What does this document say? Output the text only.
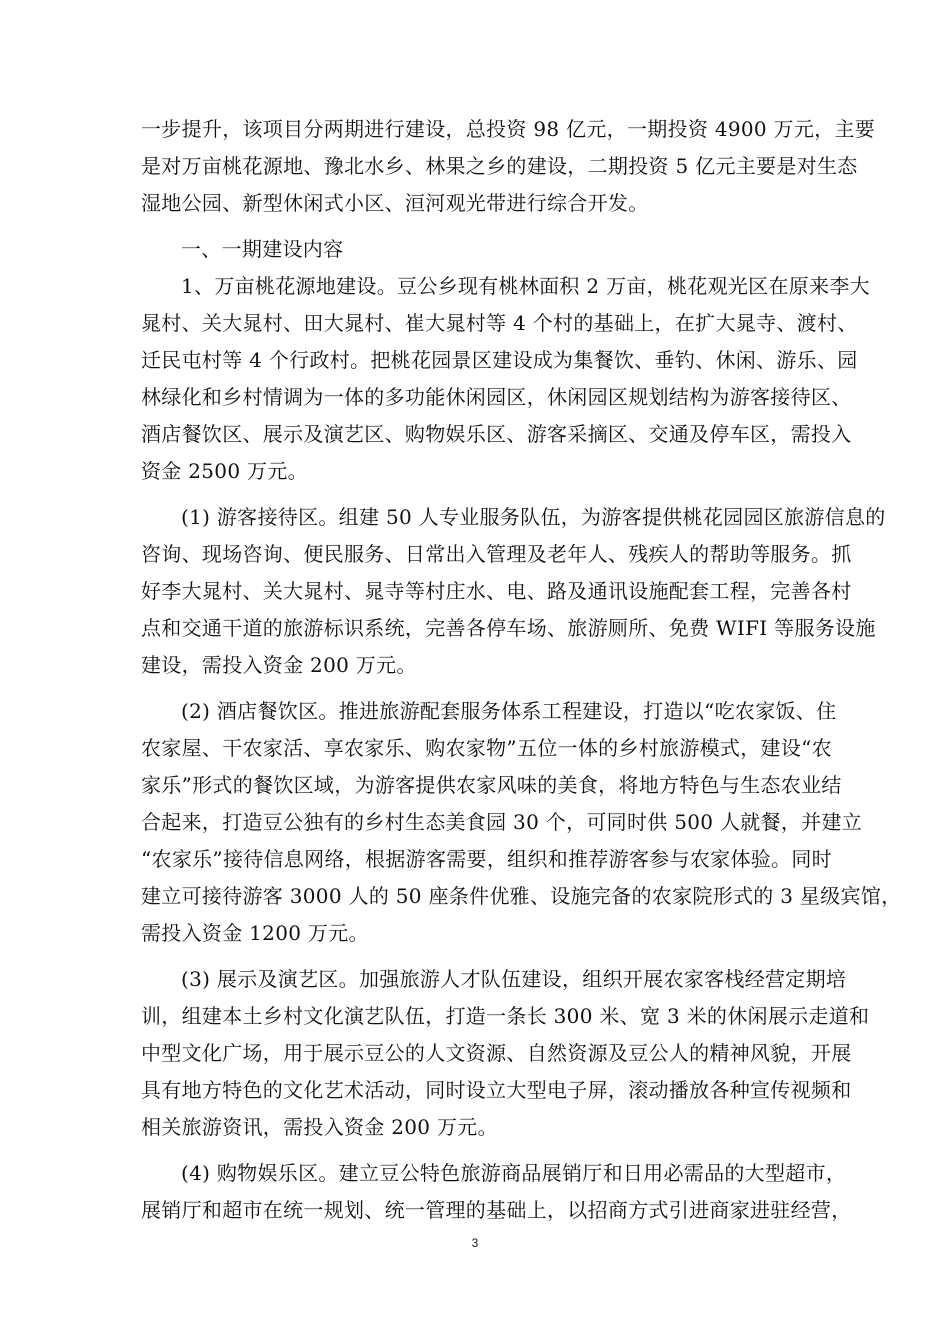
一步提升，该项目分两期进行建设，总投资 98 亿元，一期投资 4900 万元，主要
是对万亩桃花源地、豫北水乡、林果之乡的建设，二期投资 5 亿元主要是对生态
湿地公园、新型休闲式小区、洹河观光带进行综合开发。
一、一期建设内容
1、万亩桃花源地建设。豆公乡现有桃林面积 2 万亩，桃花观光区在原来李大
晁村、关大晁村、田大晁村、崔大晁村等 4 个村的基础上，在扩大晁寺、渡村、
迁民屯村等 4 个行政村。把桃花园景区建设成为集餐饮、垂钓、休闲、游乐、园
林绿化和乡村情调为一体的多功能休闲园区，休闲园区规划结构为游客接待区、
酒店餐饮区、展示及演艺区、购物娱乐区、游客采摘区、交通及停车区，需投入
资金 2500 万元。
(1) 游客接待区。组建 50 人专业服务队伍，为游客提供桃花园园区旅游信息的
咨询、现场咨询、便民服务、日常出入管理及老年人、残疾人的帮助等服务。抓
好李大晁村、关大晁村、晁寺等村庄水、电、路及通讯设施配套工程，完善各村
点和交通干道的旅游标识系统，完善各停车场、旅游厕所、免费 WIFI 等服务设施
建设，需投入资金 200 万元。
(2) 酒店餐饮区。推进旅游配套服务体系工程建设，打造以“吃农家饭、住
农家屋、干农家活、享农家乐、购农家物”五位一体的乡村旅游模式，建设“农
家乐”形式的餐饮区域，为游客提供农家风味的美食，将地方特色与生态农业结
合起来，打造豆公独有的乡村生态美食园 30 个，可同时供 500 人就餐，并建立
“农家乐”接待信息网络，根据游客需要，组织和推荐游客参与农家体验。同时
建立可接待游客 3000 人的 50 座条件优雅、设施完备的农家院形式的 3 星级宾馆，
需投入资金 1200 万元。
(3) 展示及演艺区。加强旅游人才队伍建设，组织开展农家客栈经营定期培
训，组建本土乡村文化演艺队伍，打造一条长 300 米、宽 3 米的休闲展示走道和
中型文化广场，用于展示豆公的人文资源、自然资源及豆公人的精神风貌，开展
具有地方特色的文化艺术活动，同时设立大型电子屏，滚动播放各种宣传视频和
相关旅游资讯，需投入资金 200 万元。
(4) 购物娱乐区。建立豆公特色旅游商品展销厅和日用必需品的大型超市，
展销厅和超市在统一规划、统一管理的基础上，以招商方式引进商家进驻经营，
3
